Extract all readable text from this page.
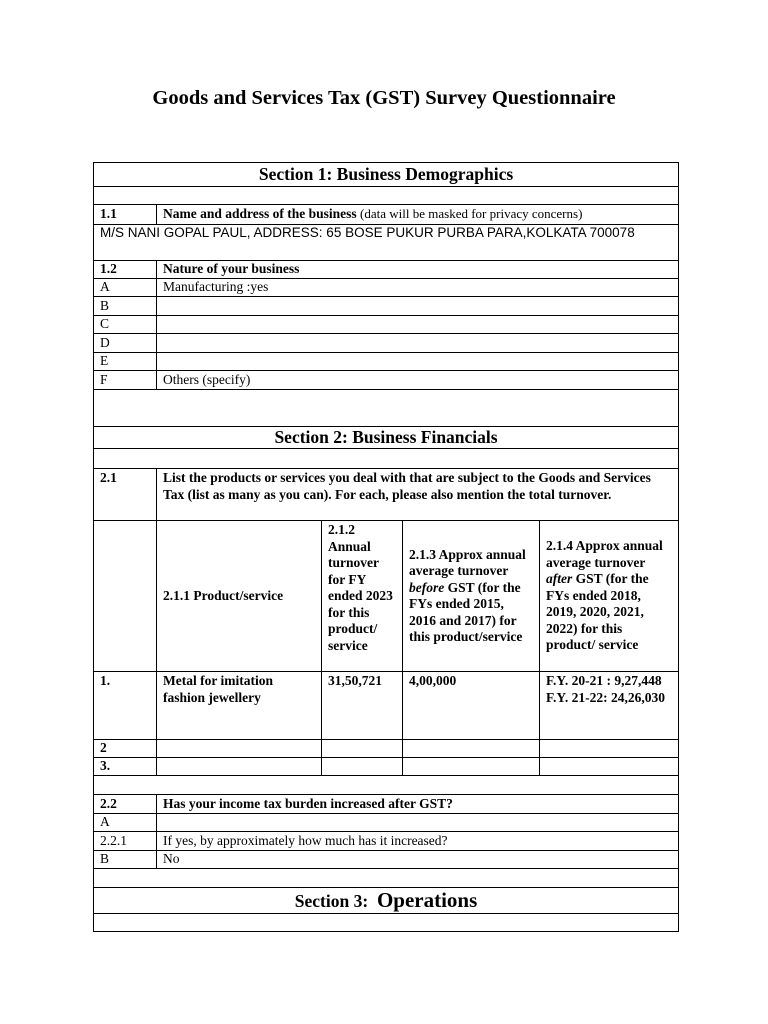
Goods and Services Tax (GST) Survey Questionnaire
Section 1: Business Demographics				

1.1	Name and address of the business (data will be masked for privacy concerns)			
M/S NANI GOPAL PAUL, ADDRESS: 65 BOSE PUKUR PURBA PARA,KOLKATA 700078				
1.2	Nature of your business			
A	Manufacturing :yes			
B				
C				
D				
E				
F	Others (specify)			

Section 2: Business Financials				

2.1	List the products or services you deal with that are subject to the Goods and Services Tax (list as many as you can). For each, please also mention the total turnover.			
	2.1.1 Product/service	2.1.2 Annual turnover for FY ended 2023 for this product/ service	2.1.3 Approx annual average turnover before GST (for the FYs ended 2015, 2016 and 2017) for this product/service	2.1.4 Approx annual average turnover after GST (for the FYs ended 2018, 2019, 2020, 2021, 2022) for this product/ service
1.	Metal for imitation fashion jewellery	31,50,721	4,00,000	F.Y. 20-21 : 9,27,448
F.Y. 21-22: 24,26,030

2				
3.				

2.2	Has your income tax burden increased after GST?			
A				
2.2.1	If yes, by approximately how much has it increased?			
B	No			

Section 3: Operations				
